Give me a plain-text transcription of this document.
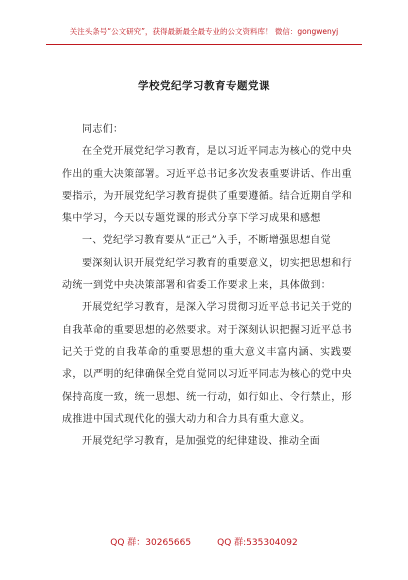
关注头条号“公文研究”，获得最新最全最专业的公文资料库！ 微信：gongwenyj
学校党纪学习教育专题党课

同志们：

在全党开展党纪学习教育，是以习近平同志为核心的党中央作出的重大决策部署。习近平总书记多次发表重要讲话、作出重要指示，为开展党纪学习教育提供了重要遵循。结合近期自学和集中学习，今天以专题党课的形式分享下学习成果和感想

一、党纪学习教育要从“正己”入手，不断增强思想自觉

要深刻认识开展党纪学习教育的重要意义，切实把思想和行动统一到党中央决策部署和省委工作要求上来，具体做到：

开展党纪学习教育，是深入学习贯彻习近平总书记关于党的自我革命的重要思想的必然要求。对于深刻认识把握习近平总书记关于党的自我革命的重要思想的重大意义丰富内涵、实践要求，以严明的纪律确保全党自觉同以习近平同志为核心的党中央保持高度一致，统一思想、统一行动，如行如止、令行禁止，形成推进中国式现代化的强大动力和合力具有重大意义。

开展党纪学习教育，是加强党的纪律建设、推动全面

QQ 群：30265665	QQ 群:535304092
